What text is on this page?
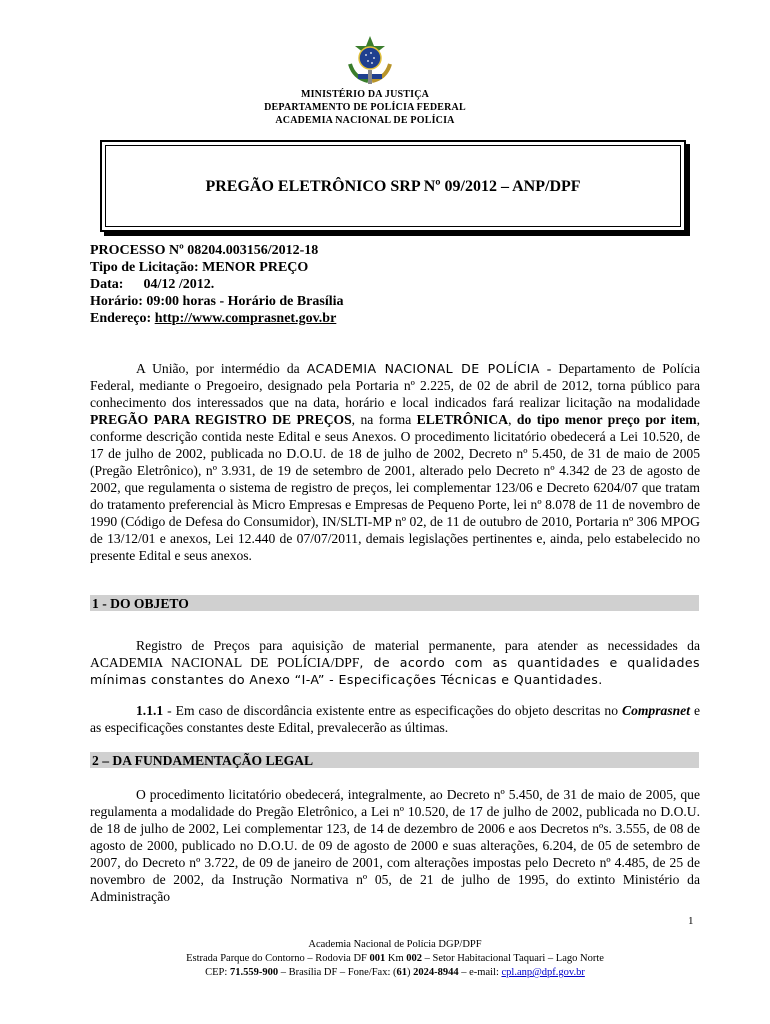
MINISTÉRIO DA JUSTIÇA
DEPARTAMENTO DE POLÍCIA FEDERAL
ACADEMIA NACIONAL DE POLÍCIA
PREGÃO ELETRÔNICO SRP Nº 09/2012 – ANP/DPF
PROCESSO Nº 08204.003156/2012-18
Tipo de Licitação: MENOR PREÇO
Data: 04/12 /2012.
Horário: 09:00 horas - Horário de Brasília
Endereço: http://www.comprasnet.gov.br
A União, por intermédio da ACADEMIA NACIONAL DE POLÍCIA - Departamento de Polícia Federal, mediante o Pregoeiro, designado pela Portaria nº 2.225, de 02 de abril de 2012, torna público para conhecimento dos interessados que na data, horário e local indicados fará realizar licitação na modalidade PREGÃO PARA REGISTRO DE PREÇOS, na forma ELETRÔNICA, do tipo menor preço por item, conforme descrição contida neste Edital e seus Anexos. O procedimento licitatório obedecerá a Lei 10.520, de 17 de julho de 2002, publicada no D.O.U. de 18 de julho de 2002, Decreto nº 5.450, de 31 de maio de 2005 (Pregão Eletrônico), nº 3.931, de 19 de setembro de 2001, alterado pelo Decreto nº 4.342 de 23 de agosto de 2002, que regulamenta o sistema de registro de preços, lei complementar 123/06 e Decreto 6204/07 que tratam do tratamento preferencial às Micro Empresas e Empresas de Pequeno Porte, lei nº 8.078 de 11 de novembro de 1990 (Código de Defesa do Consumidor), IN/SLTI-MP nº 02, de 11 de outubro de 2010, Portaria nº 306 MPOG de 13/12/01 e anexos, Lei 12.440 de 07/07/2011, demais legislações pertinentes e, ainda, pelo estabelecido no presente Edital e seus anexos.
1 - DO OBJETO
Registro de Preços para aquisição de material permanente, para atender as necessidades da ACADEMIA NACIONAL DE POLÍCIA/DPF, de acordo com as quantidades e qualidades mínimas constantes do Anexo “I-A” - Especificações Técnicas e Quantidades.
1.1.1 - Em caso de discordância existente entre as especificações do objeto descritas no Comprasnet e as especificações constantes deste Edital, prevalecerão as últimas.
2 – DA FUNDAMENTAÇÃO LEGAL
O procedimento licitatório obedecerá, integralmente, ao Decreto nº 5.450, de 31 de maio de 2005, que regulamenta a modalidade do Pregão Eletrônico, a Lei nº 10.520, de 17 de julho de 2002, publicada no D.O.U. de 18 de julho de 2002, Lei complementar 123, de 14 de dezembro de 2006 e aos Decretos nºs. 3.555, de 08 de agosto de 2000, publicado no D.O.U. de 09 de agosto de 2000 e suas alterações, 6.204, de 05 de setembro de 2007, do Decreto nº 3.722, de 09 de janeiro de 2001, com alterações impostas pelo Decreto nº 4.485, de 25 de novembro de 2002, da Instrução Normativa nº 05, de 21 de julho de 1995, do extinto Ministério da Administração
1
Academia Nacional de Polícia DGP/DPF
Estrada Parque do Contorno – Rodovia DF 001 Km 002 – Setor Habitacional Taquari – Lago Norte
CEP: 71.559-900 – Brasília DF – Fone/Fax: (61) 2024-8944 – e-mail: cpl.anp@dpf.gov.br
